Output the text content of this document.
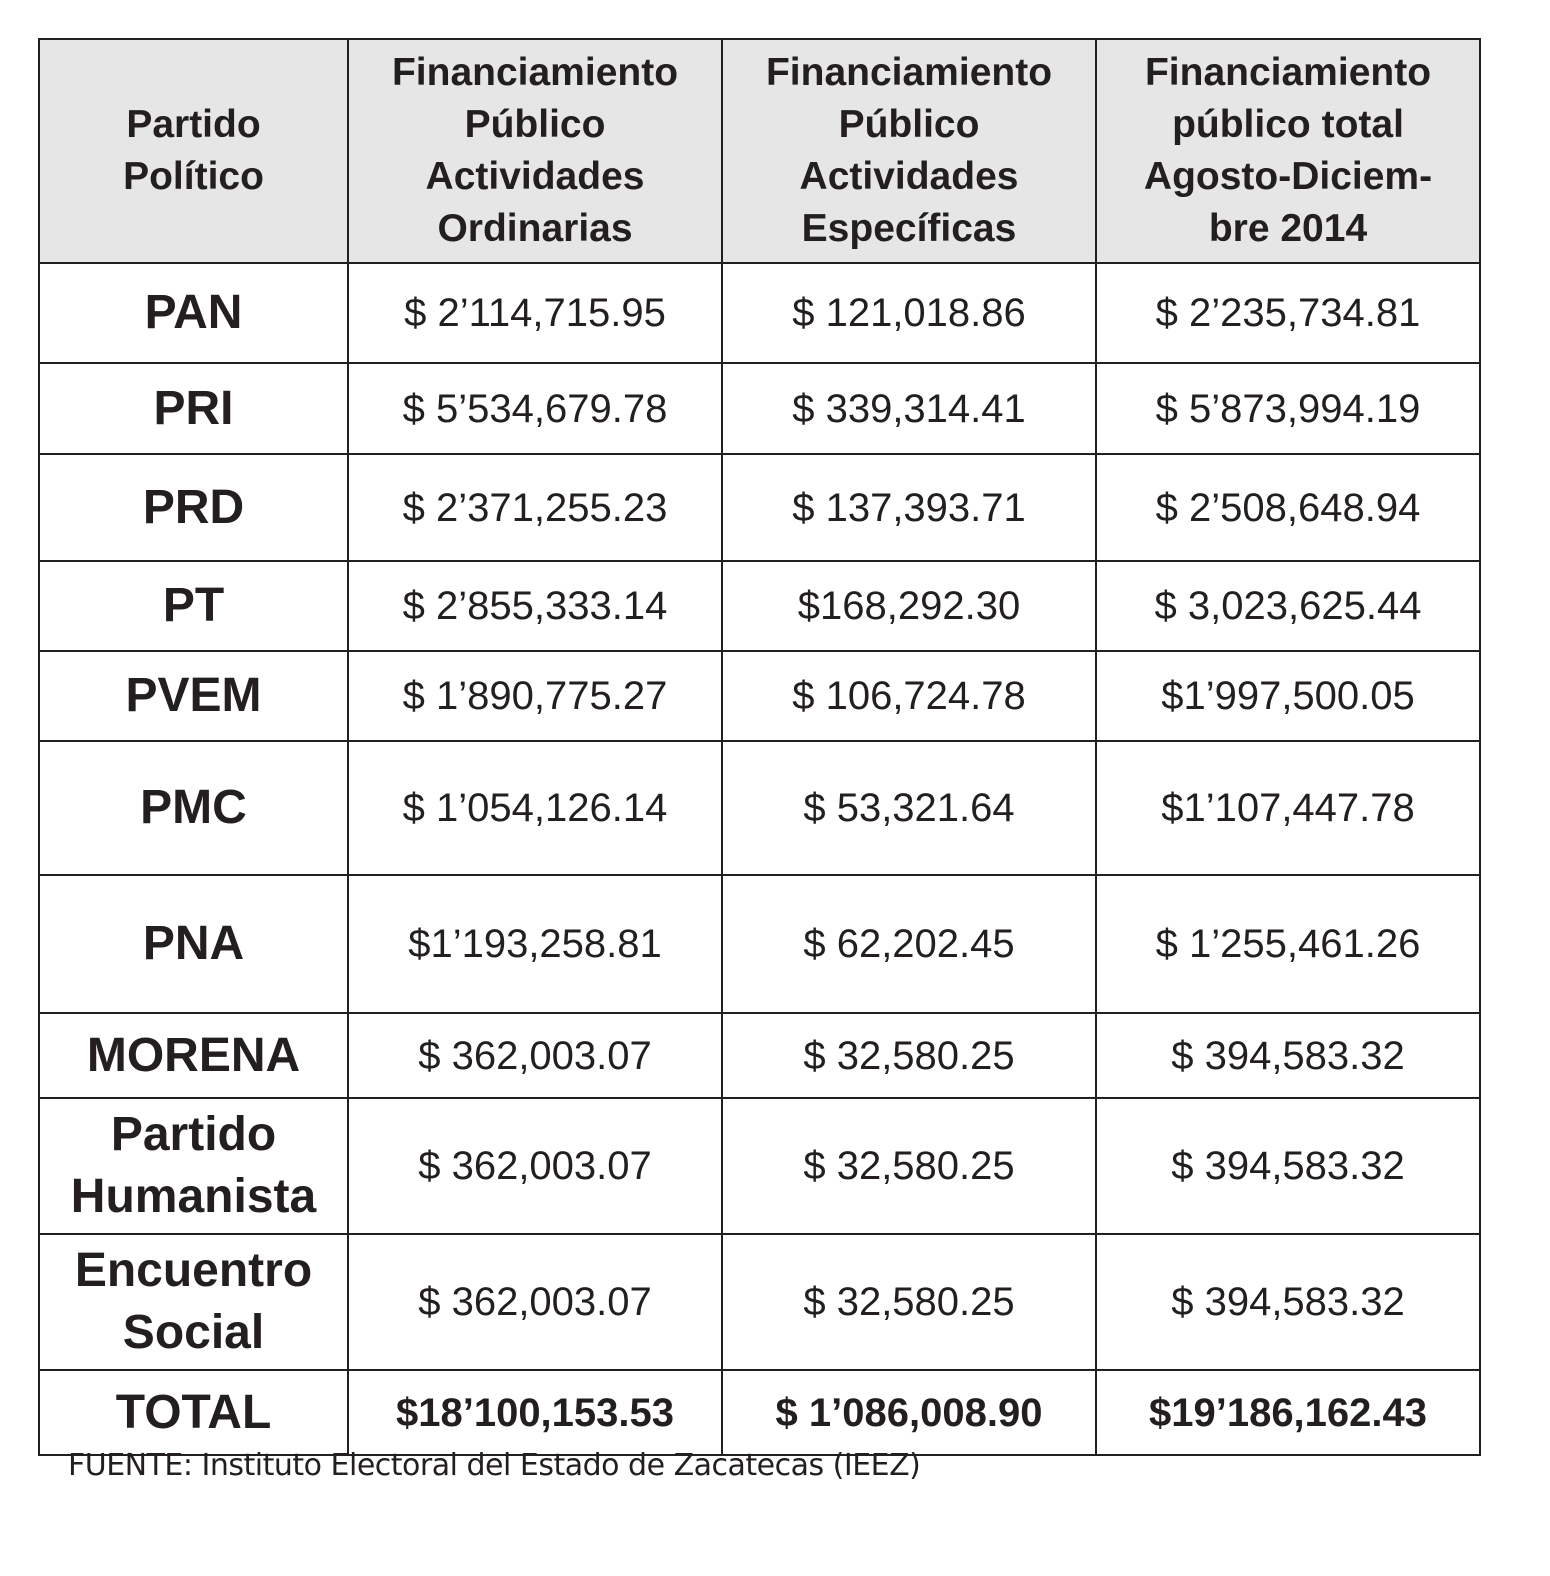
Partido Político	Financiamiento Público Actividades Ordinarias	Financiamiento Público Actividades Específicas	Financiamiento público total Agosto-Diciem-bre 2014
PAN	$ 2’114,715.95	$ 121,018.86	$ 2’235,734.81
PRI	$ 5’534,679.78	$ 339,314.41	$ 5’873,994.19
PRD	$ 2’371,255.23	$ 137,393.71	$ 2’508,648.94
PT	$ 2’855,333.14	$168,292.30	$ 3,023,625.44
PVEM	$ 1’890,775.27	$ 106,724.78	$1’997,500.05
PMC	$ 1’054,126.14	$ 53,321.64	$1’107,447.78
PNA	$1’193,258.81	$ 62,202.45	$ 1’255,461.26
MORENA	$ 362,003.07	$ 32,580.25	$ 394,583.32
Partido Humanista	$ 362,003.07	$ 32,580.25	$ 394,583.32
Encuentro Social	$ 362,003.07	$ 32,580.25	$ 394,583.32
TOTAL	$18’100,153.53	$ 1’086,008.90	$19’186,162.43
FUENTE: Instituto Electoral del Estado de Zacatecas (IEEZ)
